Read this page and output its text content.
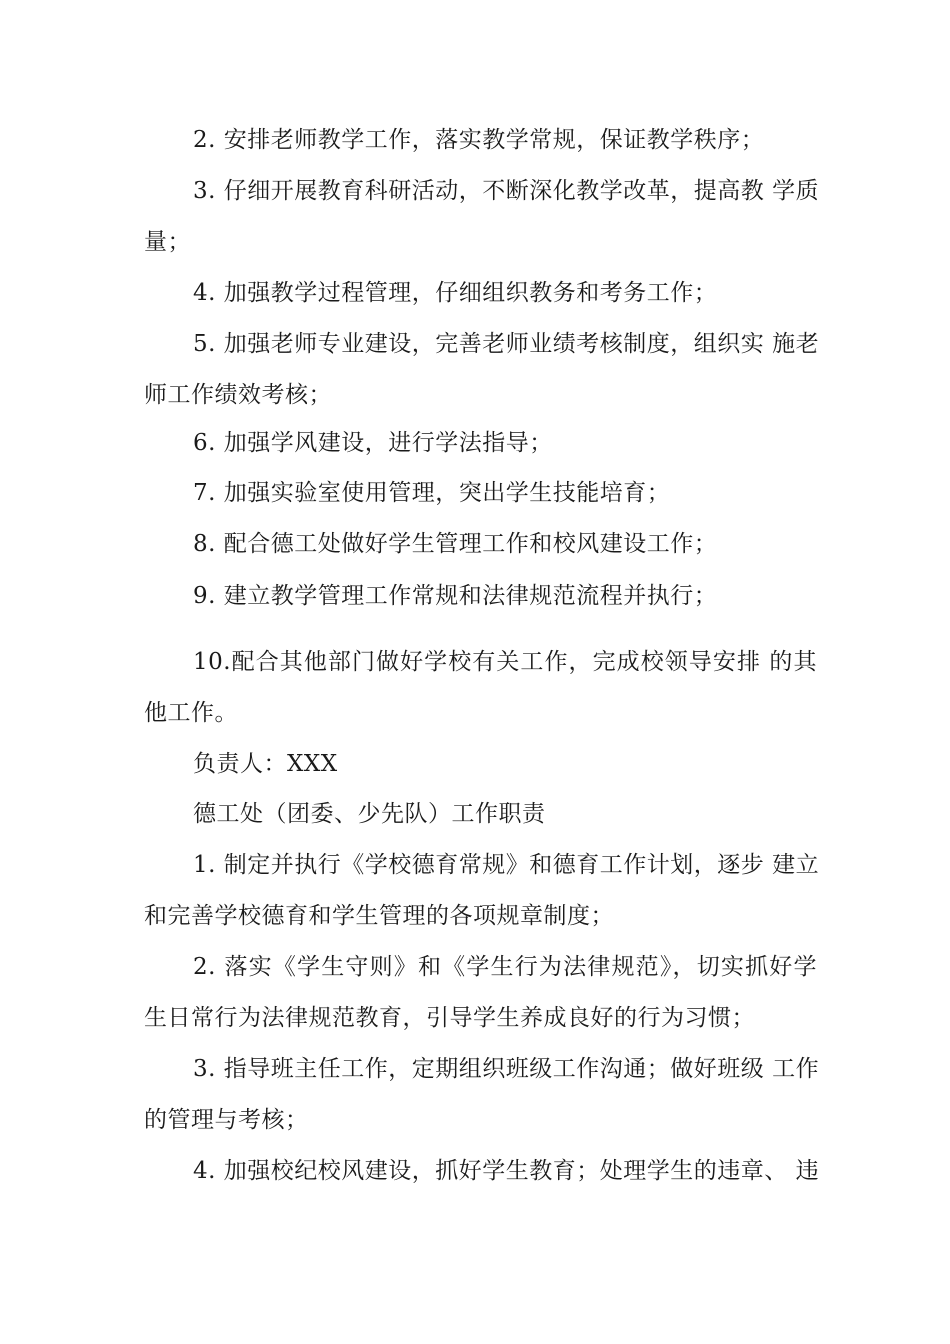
2. 安排老师教学工作，落实教学常规，保证教学秩序；
3. 仔细开展教育科研活动，不断深化教学改革，提高教 学质
量；
4. 加强教学过程管理，仔细组织教务和考务工作；
5. 加强老师专业建设，完善老师业绩考核制度，组织实 施老
师工作绩效考核；
6. 加强学风建设，进行学法指导；
7. 加强实验室使用管理，突出学生技能培育；
8. 配合德工处做好学生管理工作和校风建设工作；
9. 建立教学管理工作常规和法律规范流程并执行；
10.配合其他部门做好学校有关工作，完成校领导安排 的其
他工作。
负责人：XXX
德工处（团委、少先队）工作职责
1. 制定并执行《学校德育常规》和德育工作计划，逐步 建立
和完善学校德育和学生管理的各项规章制度；
2. 落实《学生守则》和《学生行为法律规范》，切实抓好学
生日常行为法律规范教育，引导学生养成良好的行为习惯；
3. 指导班主任工作，定期组织班级工作沟通；做好班级 工作
的管理与考核；
4. 加强校纪校风建设，抓好学生教育；处理学生的违章、 违
